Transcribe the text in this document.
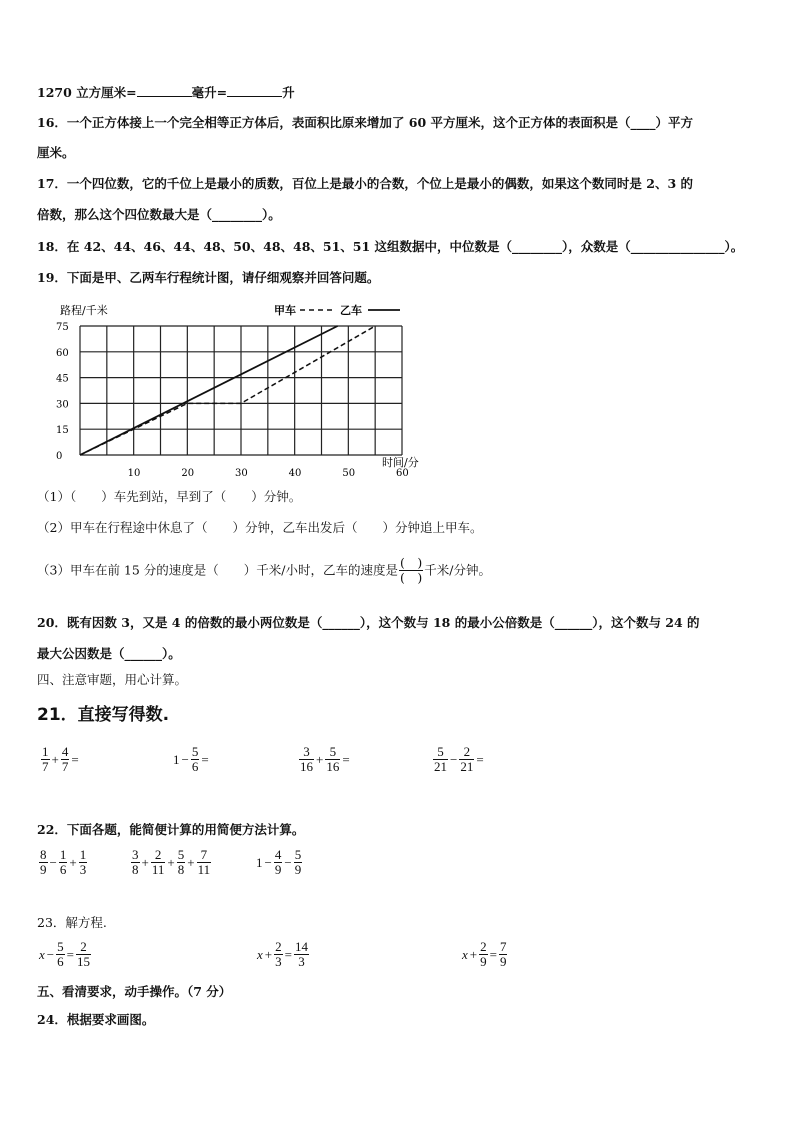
1270 立方厘米=	毫升=	升
16．一个正方体接上一个完全相等正方体后，表面积比原来增加了 60 平方厘米，这个正方体的表面积是（____）平方
厘米。
17．一个四位数，它的千位上是最小的质数，百位上是最小的合数，个位上是最小的偶数，如果这个数同时是 2、3 的
倍数，那么这个四位数最大是（________）。
18．在 42、44、46、44、48、50、48、48、51、51 这组数据中，中位数是（________），众数是（_______________）。
19．下面是甲、乙两车行程统计图，请仔细观察并回答问题。
路程/千米
0
15
30
45
60
75
10	20	30	40	50	60
时间/分
甲车	乙车
（1）（　　）车先到站，早到了（　　）分钟。
（2）甲车在行程途中休息了（　　）分钟，乙车出发后（　　）分钟追上甲车。
（3）甲车在前 15 分的速度是（　　）千米/小时，乙车的速度是 $\frac{( )}{( )}$ 千米/分钟。
20．既有因数 3，又是 4 的倍数的最小两位数是（______），这个数与 18 的最小公倍数是（______），这个数与 24 的
最大公因数是（______）。
四、注意审题，用心计算。
21．直接写得数.
$\frac{1}{7} + \frac{4}{7}$ =	$1 - \frac{5}{6}$ =	$\frac{3}{16} + \frac{5}{16}$ =	$\frac{5}{21} - \frac{2}{21}$ =
22．下面各题，能简便计算的用简便方法计算。
$\frac{8}{9} - \frac{1}{6} + \frac{1}{3}$	$\frac{3}{8} + \frac{2}{11} + \frac{5}{8} + \frac{7}{11}$	$1 - \frac{4}{9} - \frac{5}{9}$
23．解方程.
$x - \frac{5}{6} = \frac{2}{15}$	$x + \frac{2}{3} = \frac{14}{3}$	$x + \frac{2}{9} = \frac{7}{9}$
五、看清要求，动手操作。（7 分）
24．根据要求画图。
